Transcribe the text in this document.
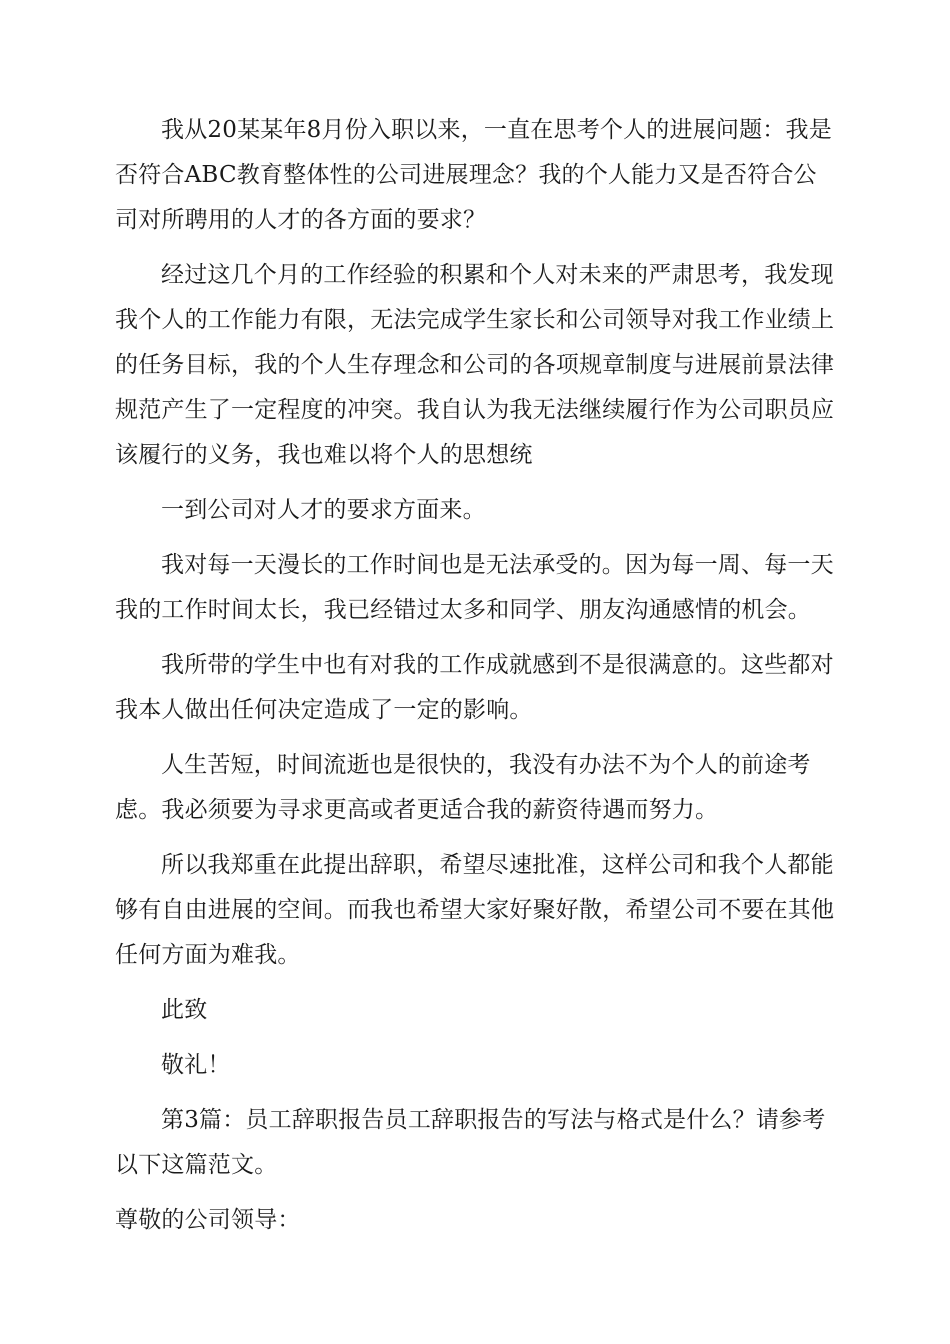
我从20某某年8月份入职以来，一直在思考个人的进展问题：我是否符合ABC教育整体性的公司进展理念？我的个人能力又是否符合公司对所聘用的人才的各方面的要求？

经过这几个月的工作经验的积累和个人对未来的严肃思考，我发现我个人的工作能力有限，无法完成学生家长和公司领导对我工作业绩上的任务目标，我的个人生存理念和公司的各项规章制度与进展前景法律规范产生了一定程度的冲突。我自认为我无法继续履行作为公司职员应该履行的义务，我也难以将个人的思想统

一到公司对人才的要求方面来。

我对每一天漫长的工作时间也是无法承受的。因为每一周、每一天我的工作时间太长，我已经错过太多和同学、朋友沟通感情的机会。

我所带的学生中也有对我的工作成就感到不是很满意的。这些都对我本人做出任何决定造成了一定的影响。

人生苦短，时间流逝也是很快的，我没有办法不为个人的前途考虑。我必须要为寻求更高或者更适合我的薪资待遇而努力。

所以我郑重在此提出辞职，希望尽速批准，这样公司和我个人都能够有自由进展的空间。而我也希望大家好聚好散，希望公司不要在其他任何方面为难我。

此致

敬礼！

第3篇：员工辞职报告员工辞职报告的写法与格式是什么？请参考以下这篇范文。

尊敬的公司领导：
